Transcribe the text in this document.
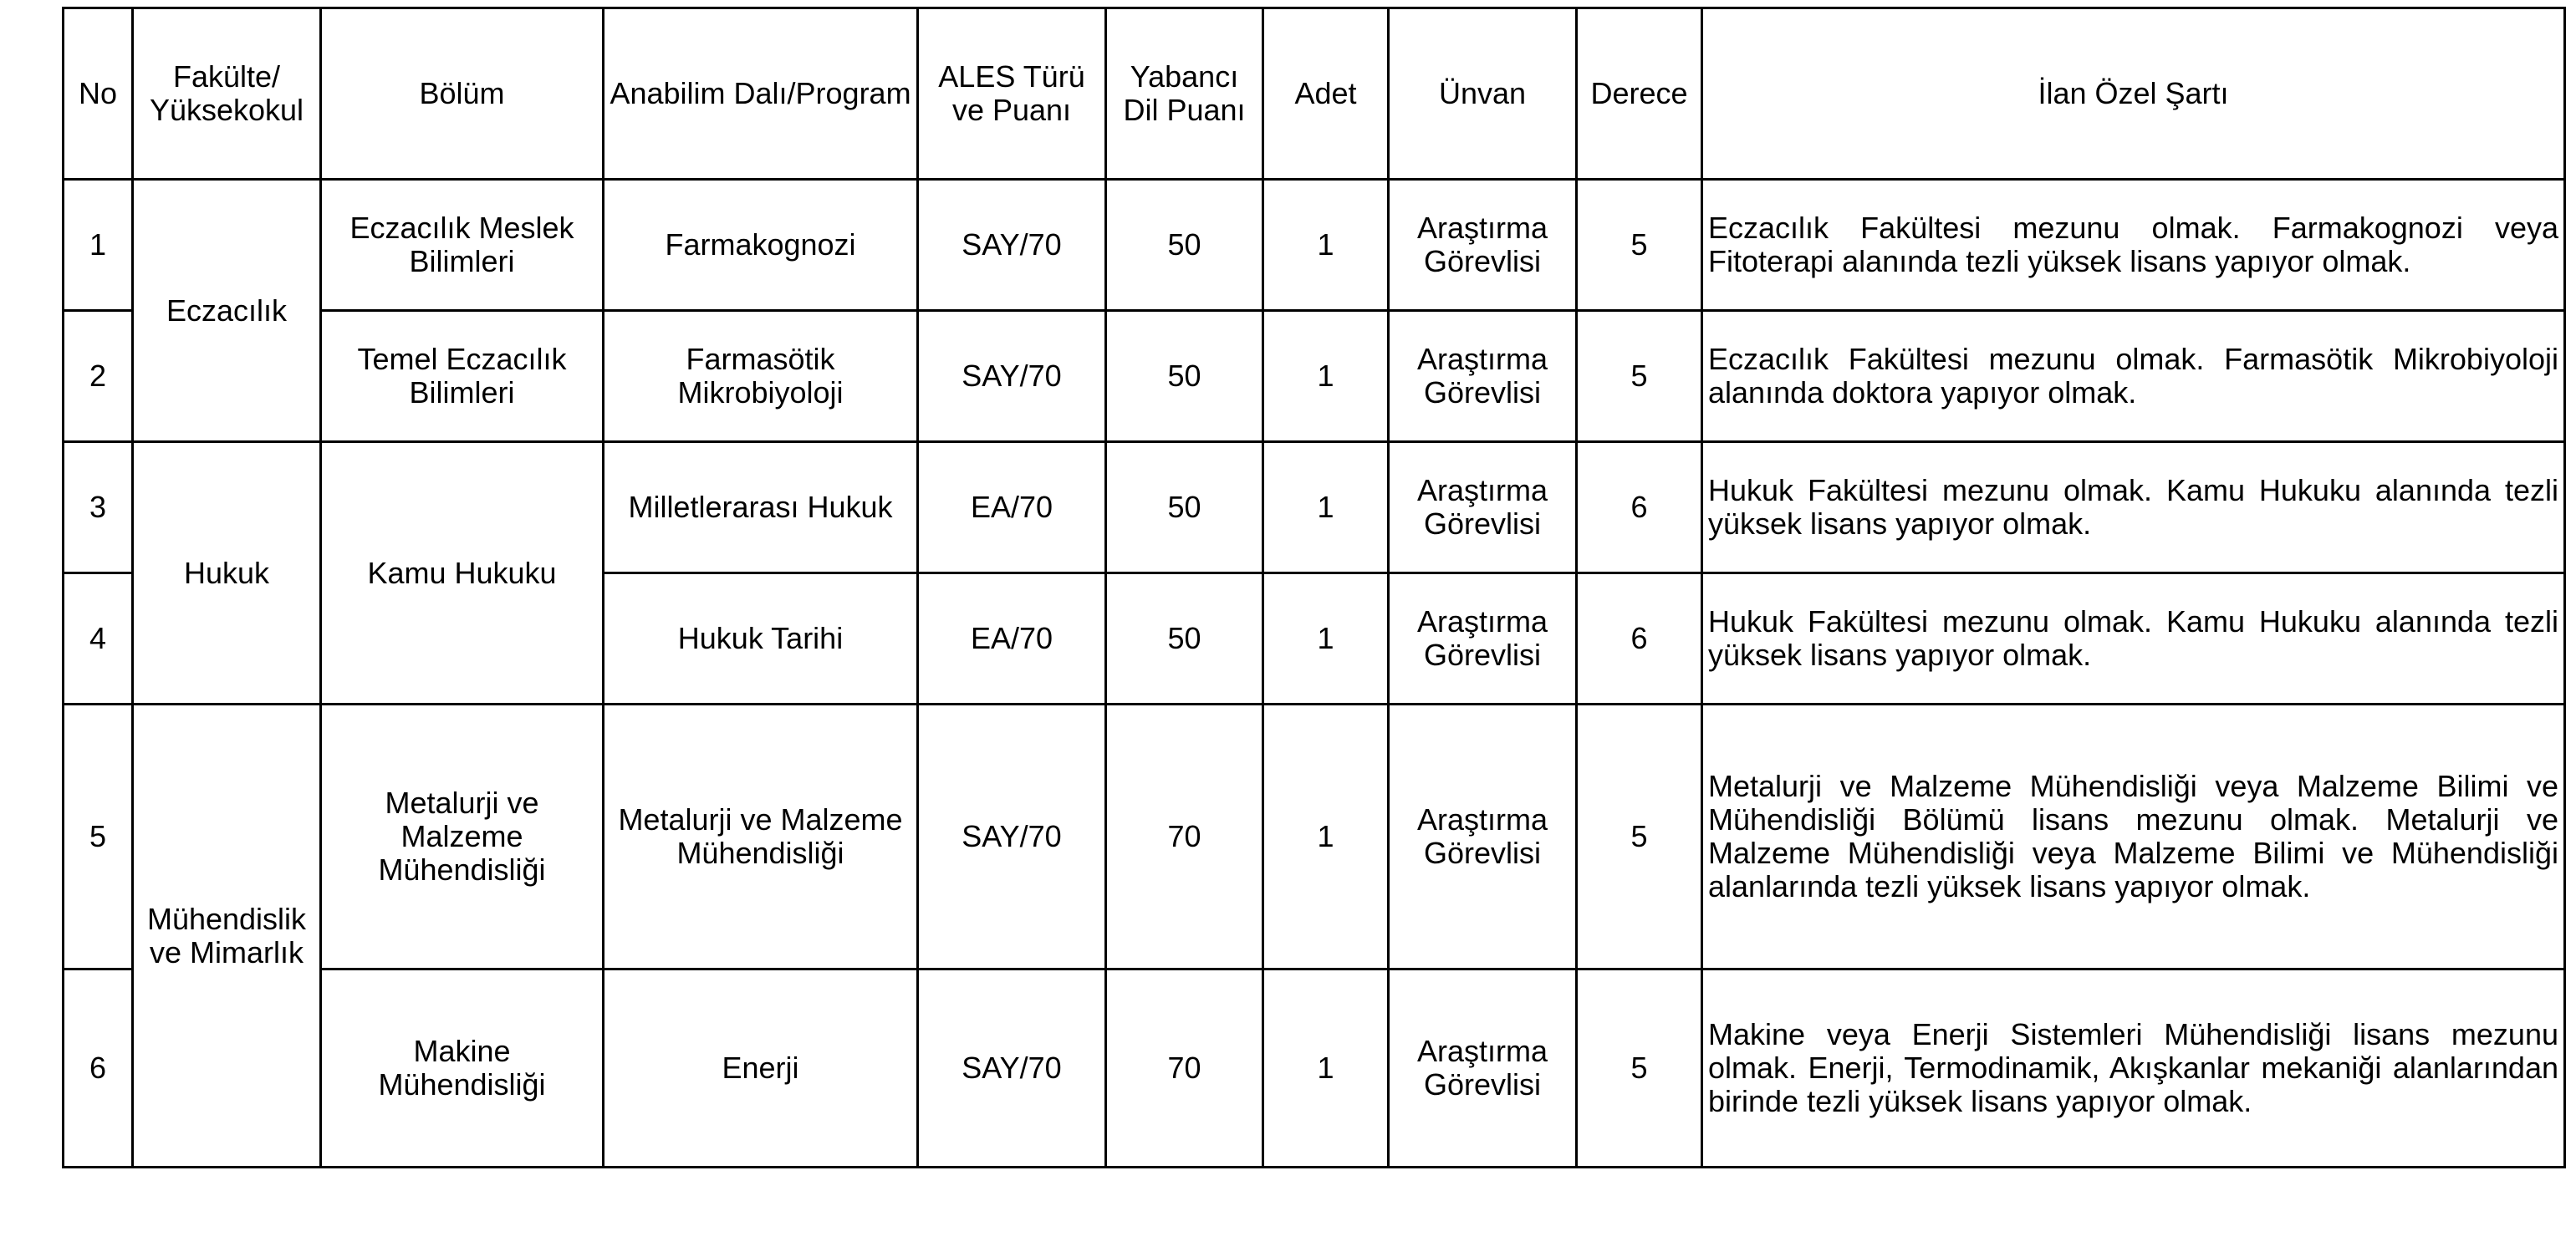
No	Fakülte/ Yüksekokul	Bölüm	Anabilim Dalı/Program	ALES Türü ve Puanı	Yabancı Dil Puanı	Adet	Ünvan	Derece	İlan Özel Şartı
1	Eczacılık	Eczacılık Meslek Bilimleri	Farmakognozi	SAY/70	50	1	Araştırma Görevlisi	5	Eczacılık Fakültesi mezunu olmak. Farmakognozi veya Fitoterapi alanında tezli yüksek lisans yapıyor olmak.
2		Temel Eczacılık Bilimleri	Farmasötik Mikrobiyoloji	SAY/70	50	1	Araştırma Görevlisi	5	Eczacılık Fakültesi mezunu olmak. Farmasötik Mikrobiyoloji alanında doktora yapıyor olmak.
3	Hukuk	Kamu Hukuku	Milletlerarası Hukuk	EA/70	50	1	Araştırma Görevlisi	6	Hukuk Fakültesi mezunu olmak. Kamu Hukuku alanında tezli yüksek lisans yapıyor olmak.
4			Hukuk Tarihi	EA/70	50	1	Araştırma Görevlisi	6	Hukuk Fakültesi mezunu olmak. Kamu Hukuku alanında tezli yüksek lisans yapıyor olmak.
5	Mühendislik ve Mimarlık	Metalurji ve Malzeme Mühendisliği	Metalurji ve Malzeme Mühendisliği	SAY/70	70	1	Araştırma Görevlisi	5	Metalurji ve Malzeme Mühendisliği veya Malzeme Bilimi ve Mühendisliği Bölümü lisans mezunu olmak. Metalurji ve Malzeme Mühendisliği veya Malzeme Bilimi ve Mühendisliği alanlarında tezli yüksek lisans yapıyor olmak.
6		Makine Mühendisliği	Enerji	SAY/70	70	1	Araştırma Görevlisi	5	Makine veya Enerji Sistemleri Mühendisliği lisans mezunu olmak. Enerji, Termodinamik, Akışkanlar mekaniği alanlarından birinde tezli yüksek lisans yapıyor olmak.
